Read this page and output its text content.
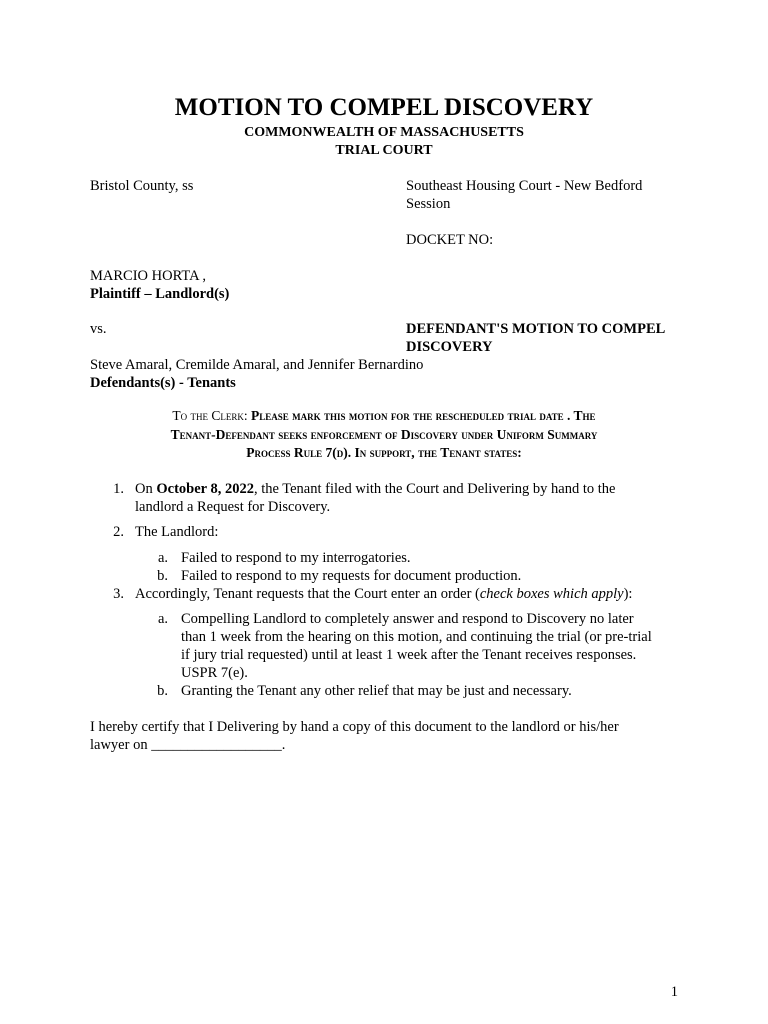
MOTION TO COMPEL DISCOVERY
COMMONWEALTH OF MASSACHUSETTS
TRIAL COURT
Bristol County, ss	Southeast Housing Court - New Bedford
Session
DOCKET NO:
MARCIO HORTA ,
Plaintiff – Landlord(s)
vs.	DEFENDANT'S MOTION TO COMPEL
DISCOVERY
Steve Amaral, Cremilde Amaral, and Jennifer Bernardino
Defendants(s) - Tenants
To the Clerk: Please mark this motion for the rescheduled trial date . The
Tenant-Defendant seeks enforcement of Discovery under Uniform Summary
Process Rule 7(d). In support, the Tenant states:
1. On October 8, 2022, the Tenant filed with the Court and Delivering by hand to the
landlord a Request for Discovery.
2. The Landlord:
a. Failed to respond to my interrogatories.
b. Failed to respond to my requests for document production.
3. Accordingly, Tenant requests that the Court enter an order (check boxes which apply):
a. Compelling Landlord to completely answer and respond to Discovery no later
than 1 week from the hearing on this motion, and continuing the trial (or pre-trial
if jury trial requested) until at least 1 week after the Tenant receives responses.
USPR 7(e).
b. Granting the Tenant any other relief that may be just and necessary.
I hereby certify that I Delivering by hand a copy of this document to the landlord or his/her
lawyer on __________________.
1
